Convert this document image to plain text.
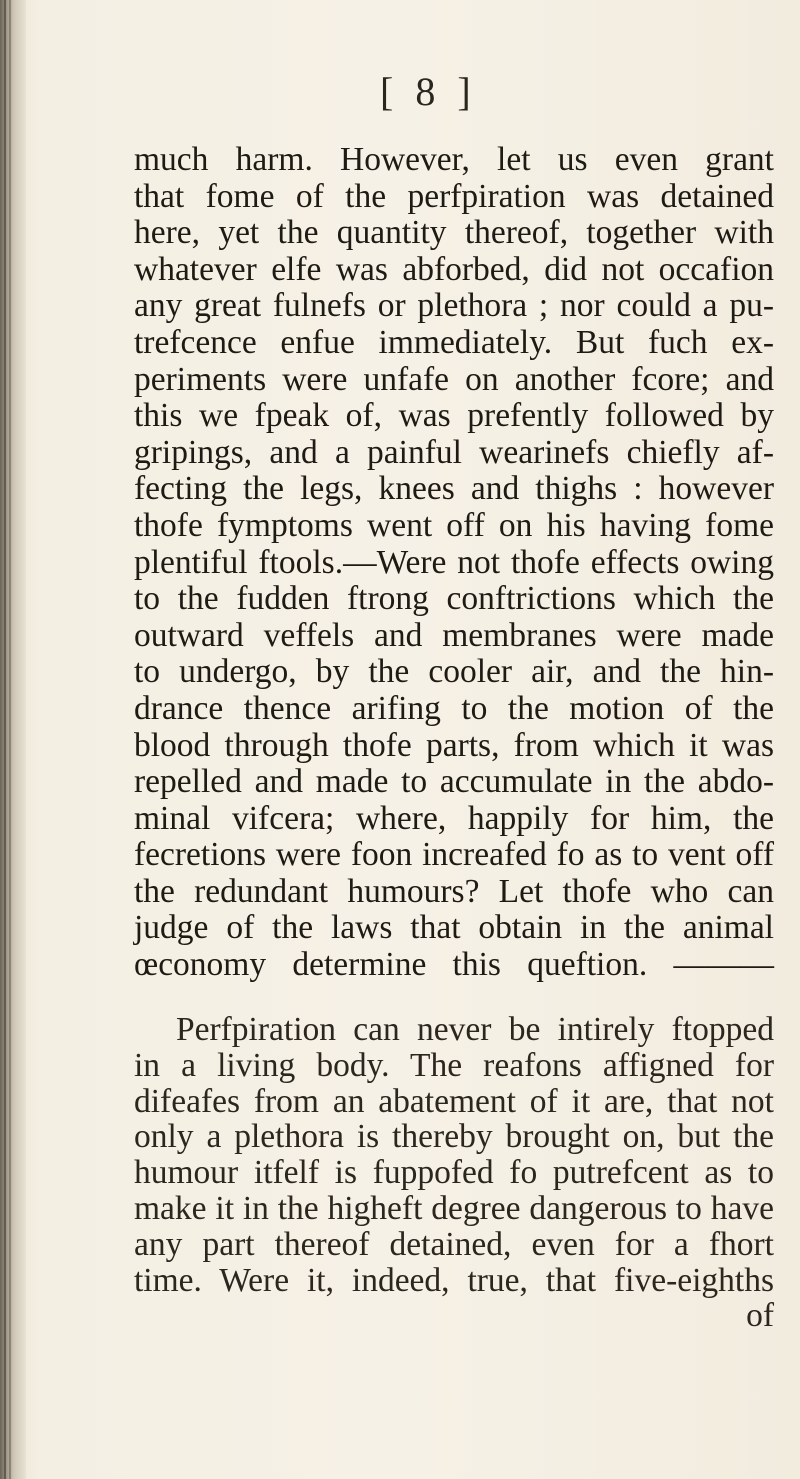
[ 8 ]
much harm. However, let us even grant
that fome of the perfpiration was detained
here, yet the quantity thereof, together with
whatever elfe was abforbed, did not occafion
any great fulnefs or plethora ; nor could a pu-
trefcence enfue immediately. But fuch ex-
periments were unfafe on another fcore; and
this we fpeak of, was prefently followed by
gripings, and a painful wearinefs chiefly af-
fecting the legs, knees and thighs : however
thofe fymptoms went off on his having fome
plentiful ftools.—Were not thofe effects owing
to the fudden ftrong conftrictions which the
outward veffels and membranes were made
to undergo, by the cooler air, and the hin-
drance thence arifing to the motion of the
blood through thofe parts, from which it was
repelled and made to accumulate in the abdo-
minal vifcera; where, happily for him, the
fecretions were foon increafed fo as to vent off
the redundant humours? Let thofe who can
judge of the laws that obtain in the animal
œconomy determine this queftion. ———
Perfpiration can never be intirely ftopped
in a living body. The reafons affigned for
difeafes from an abatement of it are, that not
only a plethora is thereby brought on, but the
humour itfelf is fuppofed fo putrefcent as to
make it in the higheft degree dangerous to have
any part thereof detained, even for a fhort
time. Were it, indeed, true, that five-eighths
of
